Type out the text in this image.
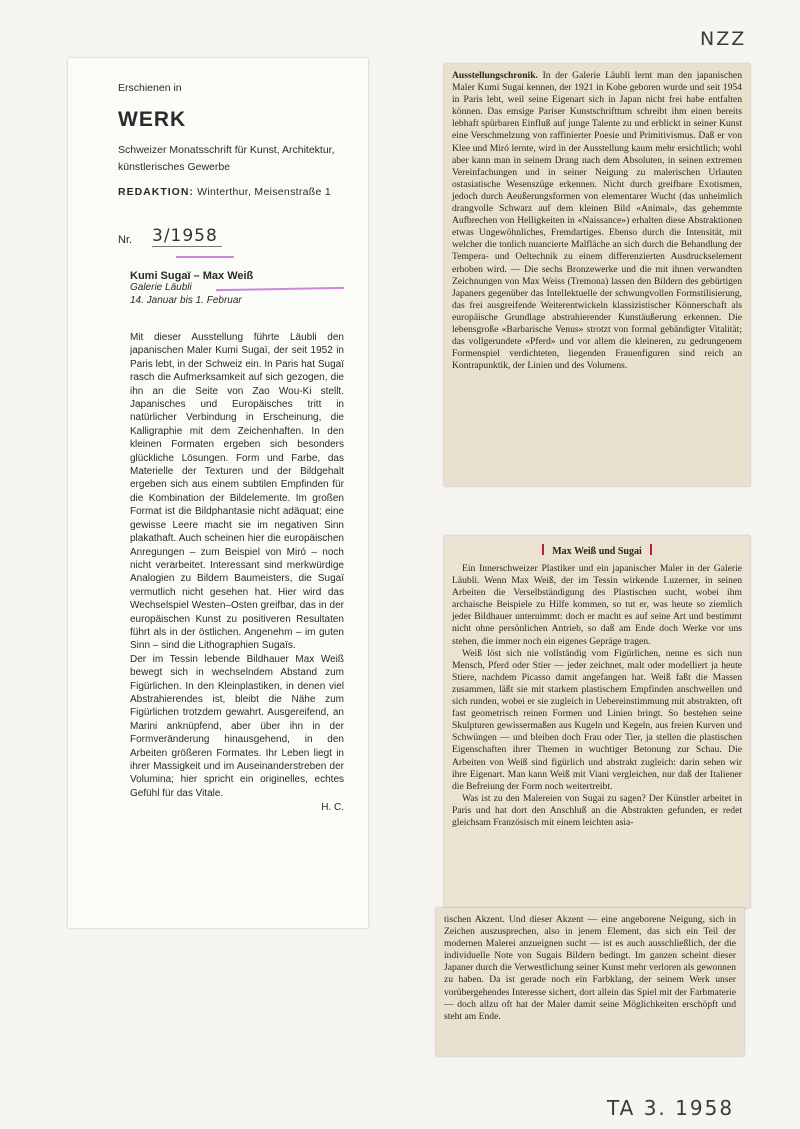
NZZ
TA 3. 1958
Erschienen in
WERK
Schweizer Monatsschrift für Kunst, Architektur, künstlerisches Gewerbe
REDAKTION: Winterthur, Meisenstraße 1
Nr. 3/1958
Kumi Sugaï – Max Weiß
Galerie Läubli
14. Januar bis 1. Februar

Mit dieser Ausstellung führte Läubli den japanischen Maler Kumi Sugaï, der seit 1952 in Paris lebt, in der Schweiz ein. In Paris hat Sugaï rasch die Aufmerksamkeit auf sich gezogen, die ihn an die Seite von Zao Wou-Ki stellt. Japanisches und Europäisches tritt in natürlicher Verbindung in Erscheinung, die Kalligraphie mit dem Zeichenhaften. In den kleinen Formaten ergeben sich besonders glückliche Lösungen. Form und Farbe, das Materielle der Texturen und der Bildgehalt ergeben sich aus einem subtilen Empfinden für die Kombination der Bildelemente. Im großen Format ist die Bildphantasie nicht adäquat; eine gewisse Leere macht sie im negativen Sinn plakathaft. Auch scheinen hier die europäischen Anregungen – zum Beispiel von Miró – noch nicht verarbeitet. Interessant sind merkwürdige Analogien zu Bildern Baumeisters, die Sugaï vermutlich nicht gesehen hat. Hier wird das Wechselspiel Westen–Osten greifbar, das in der europäischen Kunst zu positiveren Resultaten führt als in der östlichen. Angenehm – im guten Sinn – sind die Lithographien Sugaïs.

Der im Tessin lebende Bildhauer Max Weiß bewegt sich in wechselndem Abstand zum Figürlichen. In den Kleinplastiken, in denen viel Abstrahierendes ist, bleibt die Nähe zum Figürlichen trotzdem gewahrt. Ausgereifend, an Marini anknüpfend, aber über ihn in der Formveränderung hinausgehend, in den Arbeiten größeren Formates. Ihr Leben liegt in ihrer Massigkeit und im Auseinanderstreben der Volumina; hier spricht ein originelles, echtes Gefühl für das Vitale.

H. C.

Ausstellungschronik. In der Galerie Läubli lernt man den japanischen Maler Kumi Sugai kennen, der 1921 in Kobe geboren wurde und seit 1954 in Paris lebt, weil seine Eigenart sich in Japan nicht frei habe entfalten können. Das emsige Pariser Kunstschrifttum schreibt ihm einen bereits lebhaft spürbaren Einfluß auf junge Talente zu und erblickt in seiner Kunst eine Verschmelzung von raffinierter Poesie und Primitivismus. Daß er von Klee und Miró lernte, wird in der Ausstellung kaum mehr ersichtlich; wohl aber kann man in seinem Drang nach dem Absoluten, in seinen extremen Vereinfachungen und in seiner Neigung zu malerischen Urlauten ostasiatische Wesenszüge erkennen. Nicht durch greifbare Exotismen, jedoch durch Aeußerungsformen von elementarer Wucht (das unheimlich drangvolle Schwarz auf dem kleinen Bild «Animal», das gehemmte Aufbrechen von Helligkeiten in «Naissance») erhalten diese Abstraktionen etwas Ungewöhnliches, Fremdartiges. Ebenso durch die Intensität, mit welcher die tonlich nuancierte Malfläche an sich durch die Behandlung der Tempera- und Oeltechnik zu einem differenzierten Ausdruckselement erhoben wird. — Die sechs Bronzewerke und die mit ihnen verwandten Zeichnungen von Max Weiss (Tremona) lassen den Bildern des gebürtigen Japaners gegenüber das Intellektuelle der schwungvollen Formstilisierung, das frei ausgreifende Weiterentwickeln klassizistischer Könnerschaft als europäische Grundlage abstrahierender Kunstäußerung erkennen. Die lebensgroße «Barbarische Venus» strotzt von formal gebändigter Vitalität; das vollgerundete «Pferd» und vor allem die kleineren, zu gedrungenem Formenspiel verdichteten, liegenden Frauenfiguren sind reich an Kontrapunktik, der Linien und des Volumens.

Max Weiß und Sugai

Ein Innerschweizer Plastiker und ein japanischer Maler in der Galerie Läubli. Wenn Max Weiß, der im Tessin wirkende Luzerner, in seinen Arbeiten die Verselbständigung des Plastischen sucht, wobei ihm archaische Beispiele zu Hilfe kommen, so tut er, was heute so ziemlich jeder Bildhauer unternimmt: doch er macht es auf seine Art und bestimmt nicht ohne persönlichen Antrieb, so daß am Ende doch Werke vor uns stehen, die immer noch ein eigenes Gepräge tragen.

Weiß löst sich nie vollständig vom Figürlichen, nenne es sich nun Mensch, Pferd oder Stier — jeder zeichnet, malt oder modelliert ja heute Stiere, nachdem Picasso damit angefangen hat. Weiß faßt die Massen zusammen, läßt sie mit starkem plastischem Empfinden anschwellen und sich runden, wobei er sie zugleich in Uebereinstimmung mit abstrakten, oft fast geometrisch reinen Formen und Linien bringt. So bestehen seine Skulpturen gewissermaßen aus Kugeln und Kegeln, aus freien Kurven und Schwüngen — und bleiben doch Frau oder Tier, ja stellen die plastischen Eigenschaften ihrer Themen in wuchtiger Betonung zur Schau. Die Arbeiten von Weiß sind figürlich und abstrakt zugleich: darin sehen wir ihre Eigenart. Man kann Weiß mit Viani vergleichen, nur daß der Italiener die Befreiung der Form noch weitertreibt.

Was ist zu den Malereien von Sugai zu sagen? Der Künstler arbeitet in Paris und hat dort den Anschluß an die Abstrakten gefunden, er redet gleichsam Französisch mit einem leichten asia-

tischen Akzent. Und dieser Akzent — eine angeborene Neigung, sich in Zeichen auszusprechen, also in jenem Element, das sich ein Teil der modernen Malerei anzueignen sucht — ist es auch ausschließlich, der die individuelle Note von Sugais Bildern bedingt. Im ganzen scheint dieser Japaner durch die Verwestlichung seiner Kunst mehr verloren als gewonnen zu haben. Da ist gerade noch ein Farbklang, der seinem Werk unser vorübergehendes Interesse sichert, dort allein das Spiel mit der Farbmaterie — doch allzu oft hat der Maler damit seine Möglichkeiten erschöpft und steht am Ende.
